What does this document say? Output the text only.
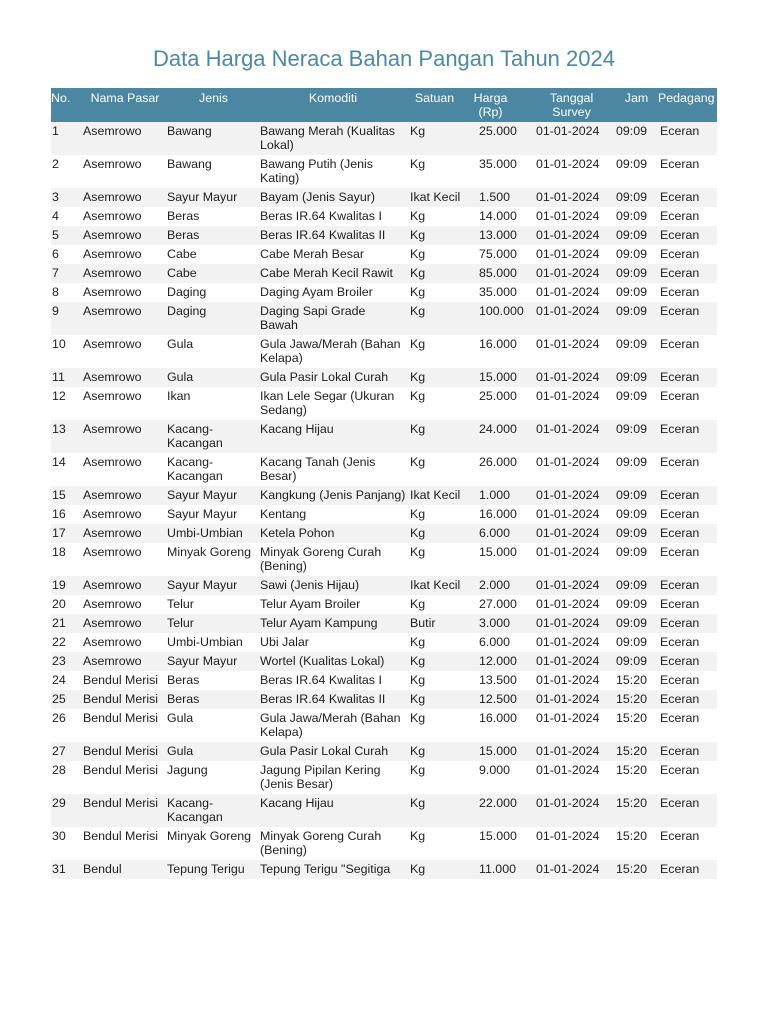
Data Harga Neraca Bahan Pangan Tahun 2024
No.	Nama Pasar	Jenis	Komoditi	Satuan	Harga (Rp)	Tanggal Survey	Jam	Pedagang
1	Asemrowo	Bawang	Bawang Merah (Kualitas Lokal)	Kg	25.000	01-01-2024	09:09	Eceran
2	Asemrowo	Bawang	Bawang Putih (Jenis Kating)	Kg	35.000	01-01-2024	09:09	Eceran
3	Asemrowo	Sayur Mayur	Bayam (Jenis Sayur)	Ikat Kecil	1.500	01-01-2024	09:09	Eceran
4	Asemrowo	Beras	Beras IR.64 Kwalitas I	Kg	14.000	01-01-2024	09:09	Eceran
5	Asemrowo	Beras	Beras IR.64 Kwalitas II	Kg	13.000	01-01-2024	09:09	Eceran
6	Asemrowo	Cabe	Cabe Merah Besar	Kg	75.000	01-01-2024	09:09	Eceran
7	Asemrowo	Cabe	Cabe Merah Kecil Rawit	Kg	85.000	01-01-2024	09:09	Eceran
8	Asemrowo	Daging	Daging Ayam Broiler	Kg	35.000	01-01-2024	09:09	Eceran
9	Asemrowo	Daging	Daging Sapi Grade Bawah	Kg	100.000	01-01-2024	09:09	Eceran
10	Asemrowo	Gula	Gula Jawa/Merah (Bahan Kelapa)	Kg	16.000	01-01-2024	09:09	Eceran
11	Asemrowo	Gula	Gula Pasir Lokal Curah	Kg	15.000	01-01-2024	09:09	Eceran
12	Asemrowo	Ikan	Ikan Lele Segar (Ukuran Sedang)	Kg	25.000	01-01-2024	09:09	Eceran
13	Asemrowo	Kacang-Kacangan	Kacang Hijau	Kg	24.000	01-01-2024	09:09	Eceran
14	Asemrowo	Kacang-Kacangan	Kacang Tanah (Jenis Besar)	Kg	26.000	01-01-2024	09:09	Eceran
15	Asemrowo	Sayur Mayur	Kangkung (Jenis Panjang)	Ikat Kecil	1.000	01-01-2024	09:09	Eceran
16	Asemrowo	Sayur Mayur	Kentang	Kg	16.000	01-01-2024	09:09	Eceran
17	Asemrowo	Umbi-Umbian	Ketela Pohon	Kg	6.000	01-01-2024	09:09	Eceran
18	Asemrowo	Minyak Goreng	Minyak Goreng Curah (Bening)	Kg	15.000	01-01-2024	09:09	Eceran
19	Asemrowo	Sayur Mayur	Sawi (Jenis Hijau)	Ikat Kecil	2.000	01-01-2024	09:09	Eceran
20	Asemrowo	Telur	Telur Ayam Broiler	Kg	27.000	01-01-2024	09:09	Eceran
21	Asemrowo	Telur	Telur Ayam Kampung	Butir	3.000	01-01-2024	09:09	Eceran
22	Asemrowo	Umbi-Umbian	Ubi Jalar	Kg	6.000	01-01-2024	09:09	Eceran
23	Asemrowo	Sayur Mayur	Wortel (Kualitas Lokal)	Kg	12.000	01-01-2024	09:09	Eceran
24	Bendul Merisi	Beras	Beras IR.64 Kwalitas I	Kg	13.500	01-01-2024	15:20	Eceran
25	Bendul Merisi	Beras	Beras IR.64 Kwalitas II	Kg	12.500	01-01-2024	15:20	Eceran
26	Bendul Merisi	Gula	Gula Jawa/Merah (Bahan Kelapa)	Kg	16.000	01-01-2024	15:20	Eceran
27	Bendul Merisi	Gula	Gula Pasir Lokal Curah	Kg	15.000	01-01-2024	15:20	Eceran
28	Bendul Merisi	Jagung	Jagung Pipilan Kering (Jenis Besar)	Kg	9.000	01-01-2024	15:20	Eceran
29	Bendul Merisi	Kacang-Kacangan	Kacang Hijau	Kg	22.000	01-01-2024	15:20	Eceran
30	Bendul Merisi	Minyak Goreng	Minyak Goreng Curah (Bening)	Kg	15.000	01-01-2024	15:20	Eceran
31	Bendul	Tepung Terigu	Tepung Terigu "Segitiga	Kg	11.000	01-01-2024	15:20	Eceran
